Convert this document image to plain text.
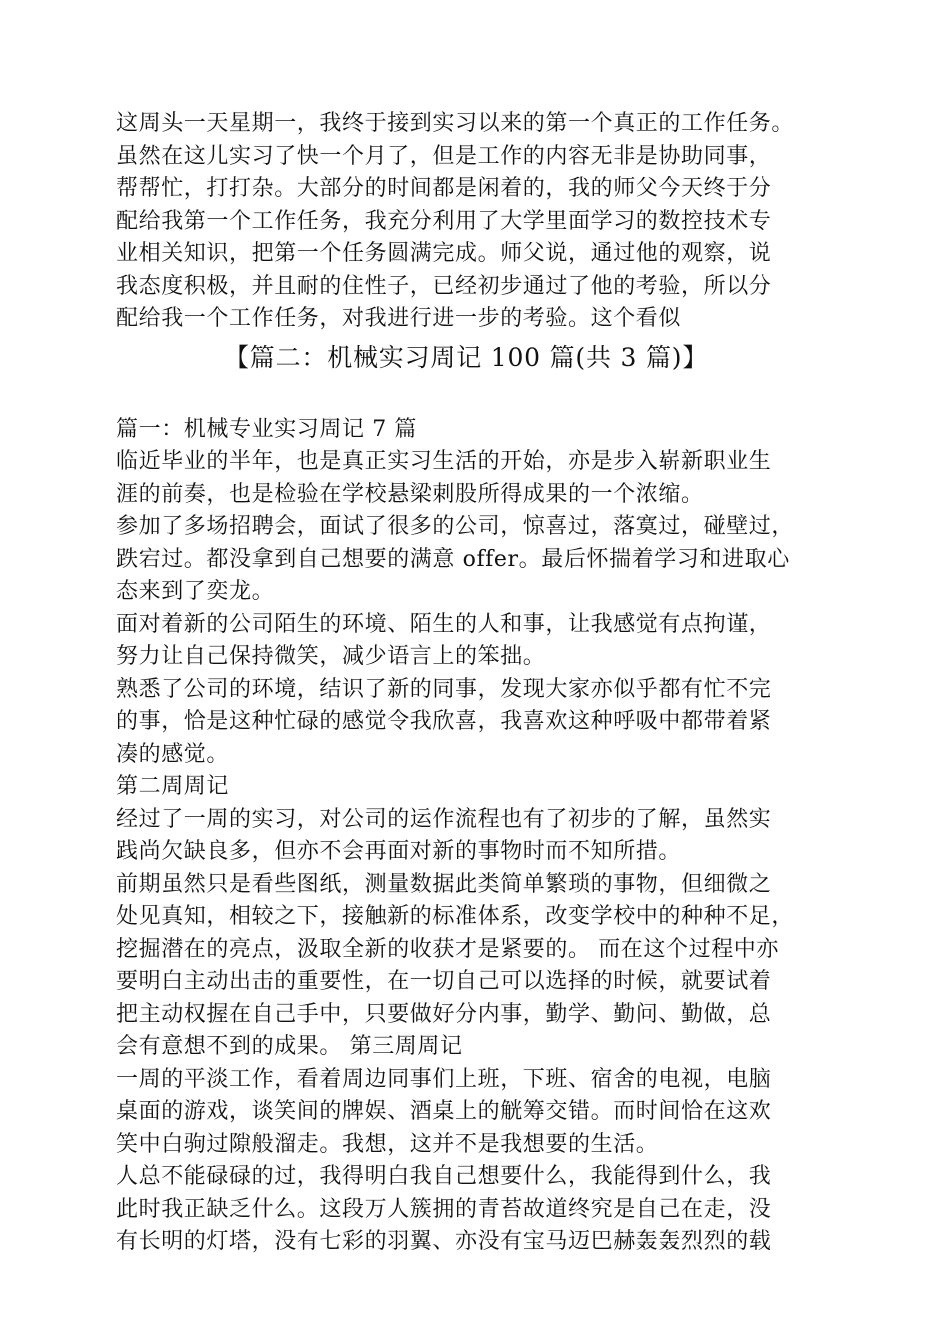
这周头一天星期一，我终于接到实习以来的第一个真正的工作任务。
虽然在这儿实习了快一个月了，但是工作的内容无非是协助同事，
帮帮忙，打打杂。大部分的时间都是闲着的，我的师父今天终于分
配给我第一个工作任务，我充分利用了大学里面学习的数控技术专
业相关知识，把第一个任务圆满完成。师父说，通过他的观察，说
我态度积极，并且耐的住性子，已经初步通过了他的考验，所以分
配给我一个工作任务，对我进行进一步的考验。这个看似
【篇二：机械实习周记 100 篇(共 3 篇)】
篇一：机械专业实习周记 7 篇
临近毕业的半年，也是真正实习生活的开始，亦是步入崭新职业生
涯的前奏，也是检验在学校悬梁刺股所得成果的一个浓缩。
参加了多场招聘会，面试了很多的公司，惊喜过，落寞过，碰壁过，
跌宕过。都没拿到自己想要的满意 offer。最后怀揣着学习和进取心
态来到了奕龙。
面对着新的公司陌生的环境、陌生的人和事，让我感觉有点拘谨，
努力让自己保持微笑，减少语言上的笨拙。
熟悉了公司的环境，结识了新的同事，发现大家亦似乎都有忙不完
的事，恰是这种忙碌的感觉令我欣喜，我喜欢这种呼吸中都带着紧
凑的感觉。
第二周周记
经过了一周的实习，对公司的运作流程也有了初步的了解，虽然实
践尚欠缺良多，但亦不会再面对新的事物时而不知所措。
前期虽然只是看些图纸，测量数据此类简单繁琐的事物，但细微之
处见真知，相较之下，接触新的标准体系，改变学校中的种种不足，
挖掘潜在的亮点，汲取全新的收获才是紧要的。 而在这个过程中亦
要明白主动出击的重要性，在一切自己可以选择的时候，就要试着
把主动权握在自己手中，只要做好分内事，勤学、勤问、勤做，总
会有意想不到的成果。 第三周周记
一周的平淡工作，看着周边同事们上班，下班、宿舍的电视，电脑
桌面的游戏，谈笑间的牌娱、酒桌上的觥筹交错。而时间恰在这欢
笑中白驹过隙般溜走。我想，这并不是我想要的生活。
人总不能碌碌的过，我得明白我自己想要什么，我能得到什么，我
此时我正缺乏什么。这段万人簇拥的青苔故道终究是自己在走，没
有长明的灯塔，没有七彩的羽翼、亦没有宝马迈巴赫轰轰烈烈的载
